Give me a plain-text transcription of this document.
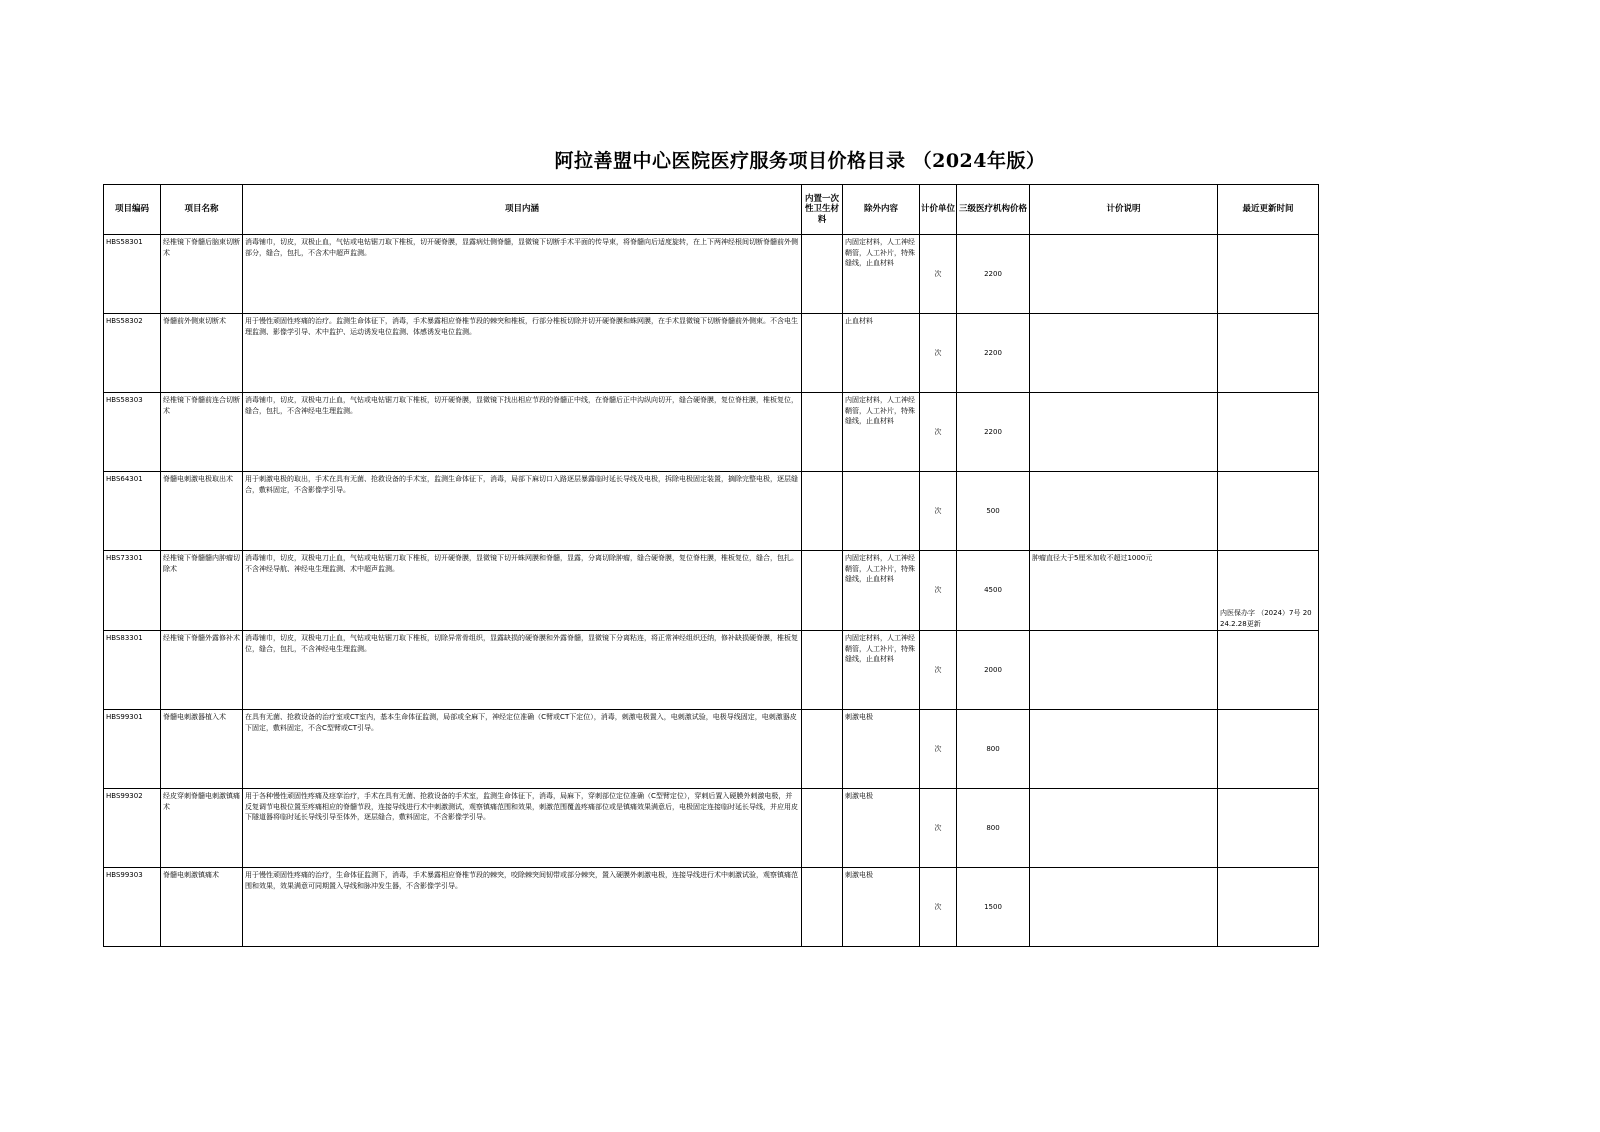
阿拉善盟中心医院医疗服务项目价格目录 （2024年版）
项目编码	项目名称	项目内涵	内置一次性卫生材料	除外内容	计价单位	三级医疗机构价格	计价说明	最近更新时间
HBS58301	经椎镜下脊髓后脑束切断术	消毒铺巾，切皮，双极止血，气钻或电钻锯刀取下椎板，切开硬脊膜，显露病灶侧脊髓，显微镜下切断手术平面的传导束，将脊髓向后适度旋转，在上下两神经根间切断脊髓前外侧部分，缝合，包扎，不含术中超声监测。		内固定材料，人工神经鞘管，人工补片，特殊缝线，止血材料	次	2200		
HBS58302	脊髓前外侧束切断术	用于慢性顽固性疼痛的治疗。监测生命体征下，消毒，手术暴露相应脊椎节段的棘突和椎板，行部分椎板切除并切开硬脊膜和蛛网膜，在手术显微镜下切断脊髓前外侧束。不含电生理监测、影像学引导、术中监护、运动诱发电位监测、体感诱发电位监测。		止血材料	次	2200		
HBS58303	经椎镜下脊髓前连合切断术	消毒铺巾，切皮，双极电刀止血，气钻或电钻锯刀取下椎板，切开硬脊膜，显微镜下找出相应节段的脊髓正中线，在脊髓后正中沟纵向切开，缝合硬脊膜，复位脊柱膜，椎板复位，缝合，包扎，不含神经电生理监测。		内固定材料，人工神经鞘管，人工补片，特殊缝线，止血材料	次	2200		
HBS64301	脊髓电刺激电极取出术	用于刺激电极的取出，手术在具有无菌、抢救设备的手术室，监测生命体征下，消毒，局部下麻切口入路逐层暴露临时延长导线及电极，拆除电极固定装置，摘除完整电极，逐层缝合，敷料固定，不含影像学引导。			次	500		
HBS73301	经椎镜下脊髓髓内肿瘤切除术	消毒铺巾，切皮，双极电刀止血，气钻或电钻锯刀取下椎板，切开硬脊膜，显微镜下切开蛛网膜和脊髓，显露，分离切除肿瘤，缝合硬脊膜，复位脊柱膜，椎板复位，缝合，包扎。不含神经导航、神经电生理监测、术中超声监测。		内固定材料，人工神经鞘管，人工补片，特殊缝线，止血材料	次	4500	肿瘤直径大于5厘米加收不超过1000元	内医保办字 （2024）7号 2024.2.28更新
HBS83301	经椎镜下脊髓外露修补术	消毒铺巾，切皮，双极电刀止血，气钻或电钻锯刀取下椎板，切除异常骨组织，显露缺损的硬脊膜和外露脊髓，显微镜下分离粘连，将正常神经组织还纳，修补缺损硬脊膜，椎板复位，缝合，包扎，不含神经电生理监测。		内固定材料，人工神经鞘管，人工补片，特殊缝线，止血材料	次	2000		
HBS99301	脊髓电刺激器植入术	在具有无菌、抢救设备的治疗室或CT室内，基本生命体征监测，局部或全麻下，神经定位准确（C臂或CT下定位），消毒，刺激电极置入，电刺激试验，电极导线固定，电刺激器皮下固定，敷料固定，不含C型臂或CT引导。		刺激电极	次	800		
HBS99302	经皮穿刺脊髓电刺激镇痛术	用于各种慢性顽固性疼痛及痉挛治疗，手术在具有无菌、抢救设备的手术室，监测生命体征下，消毒，局麻下，穿刺部位定位准确（C型臂定位），穿刺后置入硬膜外刺激电极，并反复调节电极位置至疼痛相应的脊髓节段，连接导线进行术中刺激测试，观察镇痛范围和效果，刺激范围覆盖疼痛部位或是镇痛效果满意后，电极固定连接临时延长导线，并应用皮下隧道器将临时延长导线引导至体外，逐层缝合，敷料固定，不含影像学引导。		刺激电极	次	800		
HBS99303	脊髓电刺激镇痛术	用于慢性顽固性疼痛的治疗，生命体征监测下，消毒，手术暴露相应脊椎节段的棘突，咬除棘突间韧带或部分棘突，置入硬膜外刺激电极，连接导线进行术中刺激试验，观察镇痛范围和效果，效果满意可同期置入导线和脉冲发生器，不含影像学引导。		刺激电极	次	1500		
